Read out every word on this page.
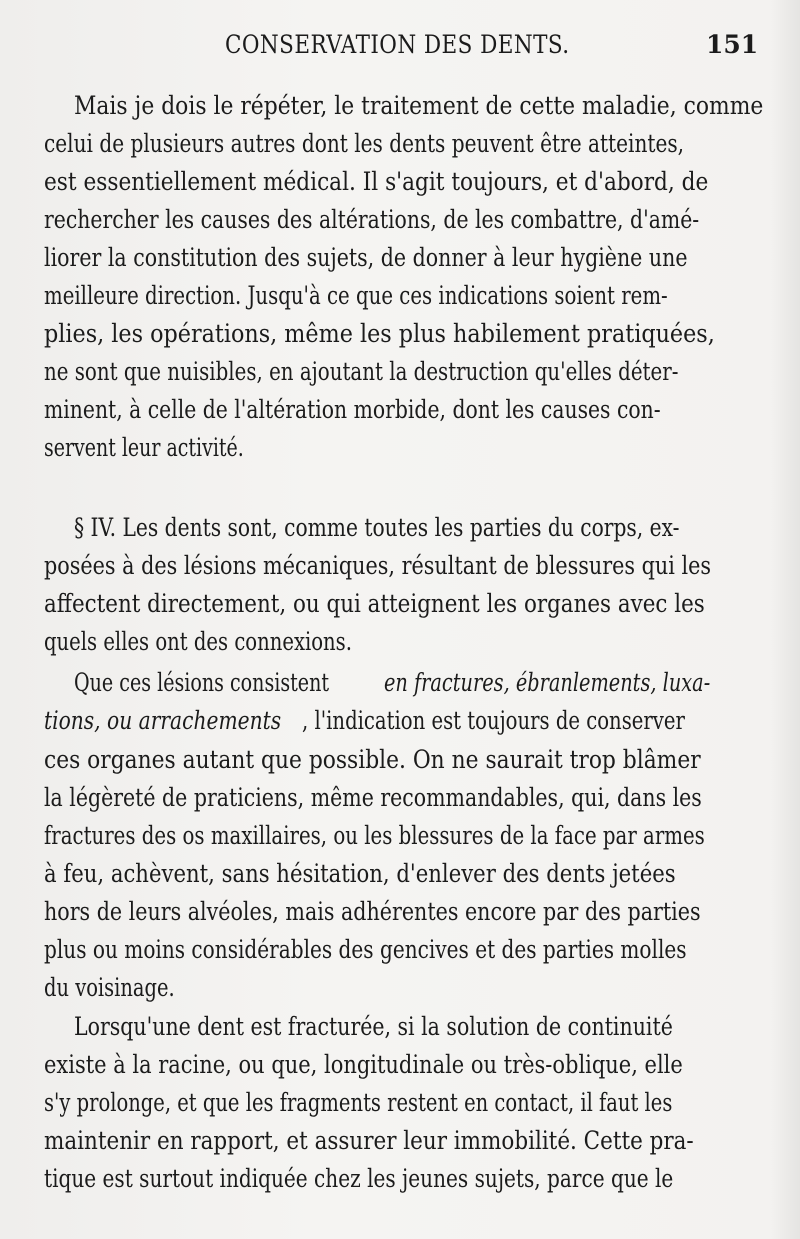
CONSERVATION DES DENTS.	151
Mais je dois le répéter, le traitement de cette maladie, comme
celui de plusieurs autres dont les dents peuvent être atteintes,
est essentiellement médical. Il s'agit toujours, et d'abord, de
rechercher les causes des altérations, de les combattre, d'amé-
liorer la constitution des sujets, de donner à leur hygiène une
meilleure direction. Jusqu'à ce que ces indications soient rem-
plies, les opérations, même les plus habilement pratiquées,
ne sont que nuisibles, en ajoutant la destruction qu'elles déter-
minent, à celle de l'altération morbide, dont les causes con-
servent leur activité.
§ IV. Les dents sont, comme toutes les parties du corps, ex-
posées à des lésions mécaniques, résultant de blessures qui les
affectent directement, ou qui atteignent les organes avec les
quels elles ont des connexions.
Que ces lésions consistent en fractures, ébranlements, luxa-
tions, ou arrachements , l'indication est toujours de conserver
ces organes autant que possible. On ne saurait trop blâmer
la légèreté de praticiens, même recommandables, qui, dans les
fractures des os maxillaires, ou les blessures de la face par armes
à feu, achèvent, sans hésitation, d'enlever des dents jetées
hors de leurs alvéoles, mais adhérentes encore par des parties
plus ou moins considérables des gencives et des parties molles
du voisinage.
Lorsqu'une dent est fracturée, si la solution de continuité
existe à la racine, ou que, longitudinale ou très-oblique, elle
s'y prolonge, et que les fragments restent en contact, il faut les
maintenir en rapport, et assurer leur immobilité. Cette pra-
tique est surtout indiquée chez les jeunes sujets, parce que le
